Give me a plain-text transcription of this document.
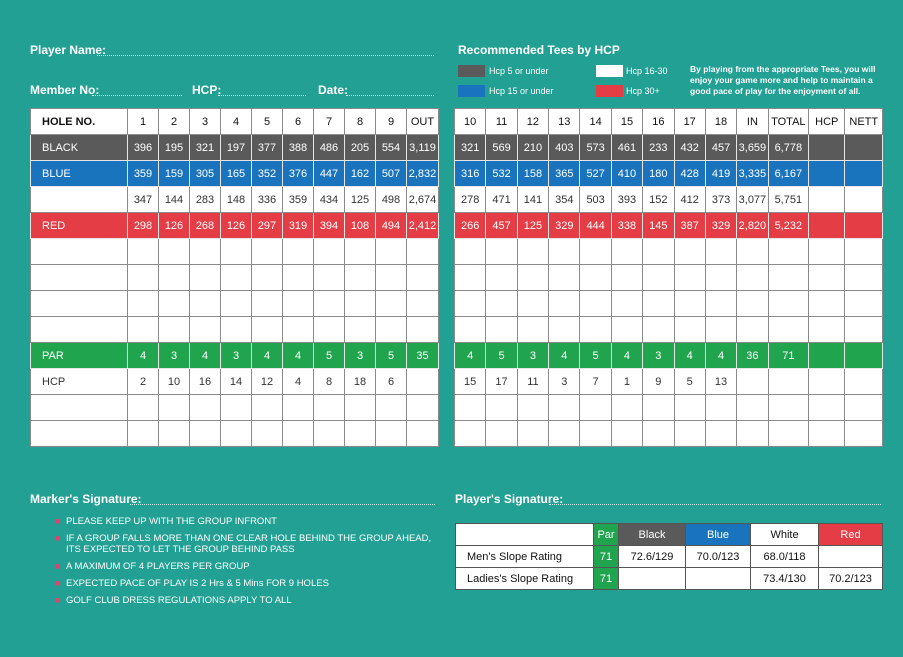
Player Name:
Member No:	HCP:	Date:
Recommended Tees by HCP
Hcp 5 or under	Hcp 16-30
Hcp 15 or under	Hcp 30+
By playing from the appropriate Tees, you will enjoy your game more and help to maintain a good pace of play for the enjoyment of all.
HOLE NO.	1	2	3	4	5	6	7	8	9	OUT
BLACK	396	195	321	197	377	388	486	205	554	3,119
BLUE	359	159	305	165	352	376	447	162	507	2,832
	347	144	283	148	336	359	434	125	498	2,674
RED	298	126	268	126	297	319	394	108	494	2,412

PAR	4	3	4	3	4	4	5	3	5	35
HCP	2	10	16	14	12	4	8	18	6	

10	11	12	13	14	15	16	17	18	IN	TOTAL	HCP	NETT
321	569	210	403	573	461	233	432	457	3,659	6,778		
316	532	158	365	527	410	180	428	419	3,335	6,167		
278	471	141	354	503	393	152	412	373	3,077	5,751		
266	457	125	329	444	338	145	387	329	2,820	5,232		

4	5	3	4	5	4	3	4	4	36	71		
15	17	11	3	7	1	9	5	13				

Marker's Signature:	Player's Signature:
■ PLEASE KEEP UP WITH THE GROUP INFRONT
■ IF A GROUP FALLS MORE THAN ONE CLEAR HOLE BEHIND THE GROUP AHEAD, ITS EXPECTED TO LET THE GROUP BEHIND PASS
■ A MAXIMUM OF 4 PLAYERS PER GROUP
■ EXPECTED PACE OF PLAY IS 2 Hrs & 5 Mins FOR 9 HOLES
■ GOLF CLUB DRESS REGULATIONS APPLY TO ALL
	Par	Black	Blue	White	Red
Men's Slope Rating	71	72.6/129	70.0/123	68.0/118	
Ladies's Slope Rating	71			73.4/130	70.2/123
